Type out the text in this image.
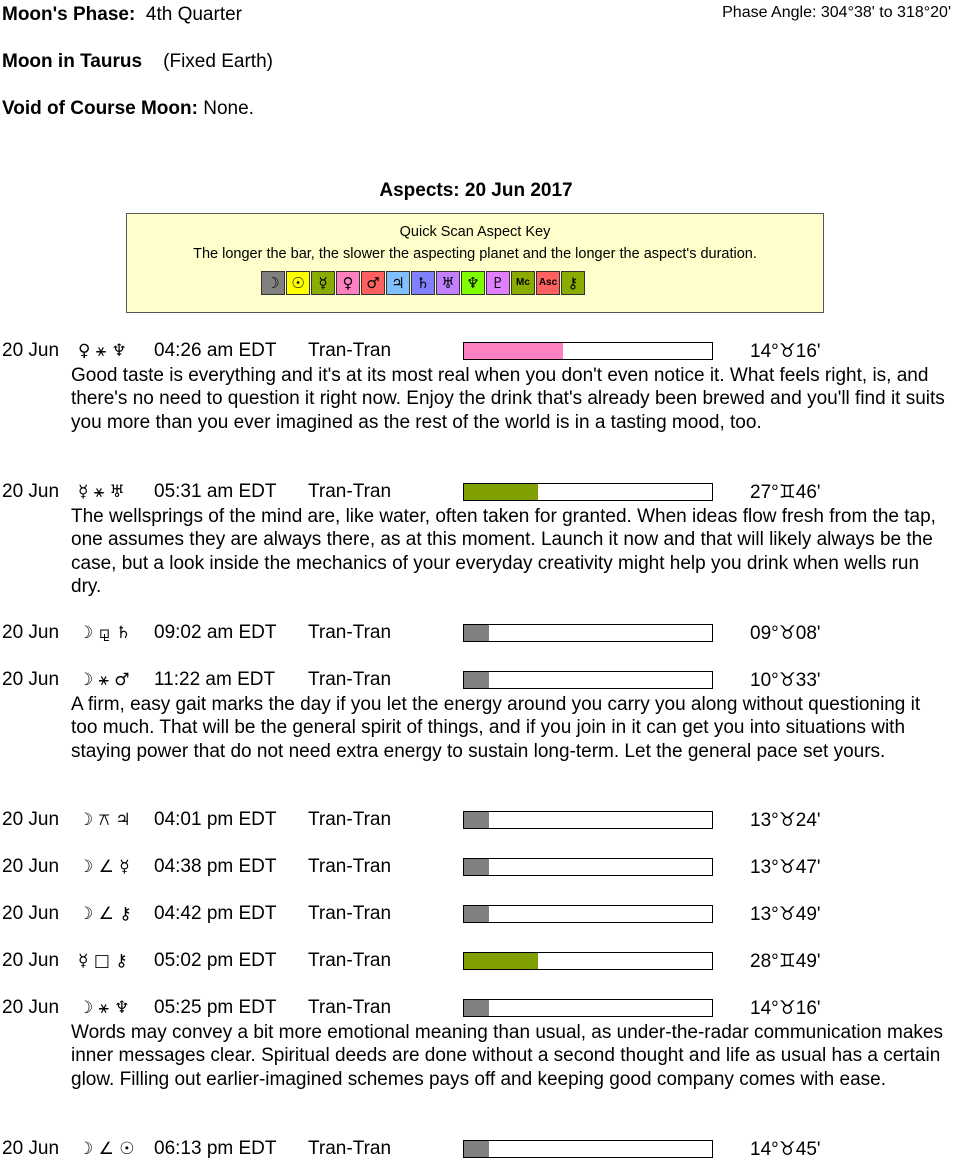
Moon's Phase: 4th Quarter	Phase Angle: 304°38' to 318°20'
Moon in Taurus (Fixed Earth)
Void of Course Moon: None.
Aspects: 20 Jun 2017
Quick Scan Aspect Key
The longer the bar, the slower the aspecting planet and the longer the aspect's duration.
☽ ☉ ☿ ♀ ♂ ♃ ♄ ♅ ♆ ♇	Mc Asc ⚷
20 Jun ♀ ⚹ ♆ 04:26 am EDT Tran-Tran	14°♉16'
Good taste is everything and it's at its most real when you don't even notice it. What feels right, is, and there's no need to question it right now. Enjoy the drink that's already been brewed and you'll find it suits you more than you ever imagined as the rest of the world is in a tasting mood, too.
20 Jun ☿ ⚹ ♅ 05:31 am EDT Tran-Tran	27°♊46'
The wellsprings of the mind are, like water, often taken for granted. When ideas flow fresh from the tap, one assumes they are always there, as at this moment. Launch it now and that will likely always be the case, but a look inside the mechanics of your everyday creativity might help you drink when wells run dry.
20 Jun ☽ ⚼ ♄ 09:02 am EDT Tran-Tran	09°♉08'
20 Jun ☽ ⚹ ♂ 11:22 am EDT Tran-Tran	10°♉33'
A firm, easy gait marks the day if you let the energy around you carry you along without questioning it too much. That will be the general spirit of things, and if you join in it can get you into situations with staying power that do not need extra energy to sustain long-term. Let the general pace set yours.
20 Jun ☽ ⚻ ♃ 04:01 pm EDT Tran-Tran	13°♉24'
20 Jun ☽ ∠ ☿ 04:38 pm EDT Tran-Tran	13°♉47'
20 Jun ☽ ∠ ⚷ 04:42 pm EDT Tran-Tran	13°♉49'
20 Jun ☿ □ ⚷ 05:02 pm EDT Tran-Tran	28°♊49'
20 Jun ☽ ⚹ ♆ 05:25 pm EDT Tran-Tran	14°♉16'
Words may convey a bit more emotional meaning than usual, as under-the-radar communication makes inner messages clear. Spiritual deeds are done without a second thought and life as usual has a certain glow. Filling out earlier-imagined schemes pays off and keeping good company comes with ease.
20 Jun ☽ ∠ ☉ 06:13 pm EDT Tran-Tran	14°♉45'
